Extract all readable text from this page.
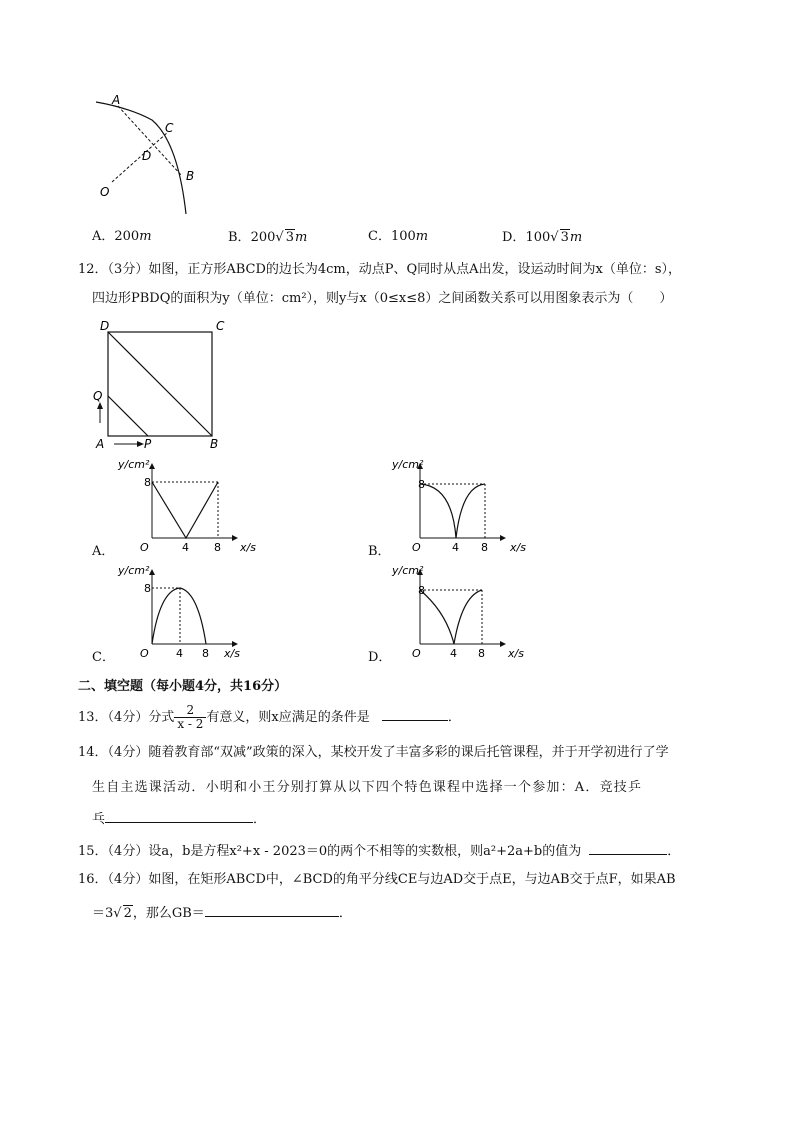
A
C
D
B
O
A．200m	B．200√ 3m	C．100m	D．100√ 3m
12．（3分）如图，正方形ABCD的边长为4cm，动点P、Q同时从点A出发，设运动时间为x（单位：s），
四边形PBDQ的面积为y（单位：cm²），则y与x（0≤x≤8）之间函数关系可以用图象表示为（　　）
D	C
Q
A	P	B
y/cm²
x/s
O
8
4 8
A．
y/cm²
x/s
O
8
4 8
B．
y/cm²
x/s
O
8
4 8
C．
y/cm²
x/s
O
8
4 8
D．
二、填空题（每小题4分，共16分）
13．（4分）分式 $\frac{2}{x - 2}$ 有意义，则x应满足的条件是	．
14．（4分）随着教育部“双减”政策的深入，某校开发了丰富多彩的课后托管课程，并于开学初进行了学
生自主选课活动．小明和小王分别打算从以下四个特色课程中选择一个参加：A．竞技乒
乓	．
15．（4分）设a，b是方程x²+x - 2023＝0的两个不相等的实数根，则a²+2a+b的值为	．
16．（4分）如图，在矩形ABCD中，∠BCD的角平分线CE与边AD交于点E，与边AB交于点F，如果AB
＝3√ 2，那么GB＝	．
